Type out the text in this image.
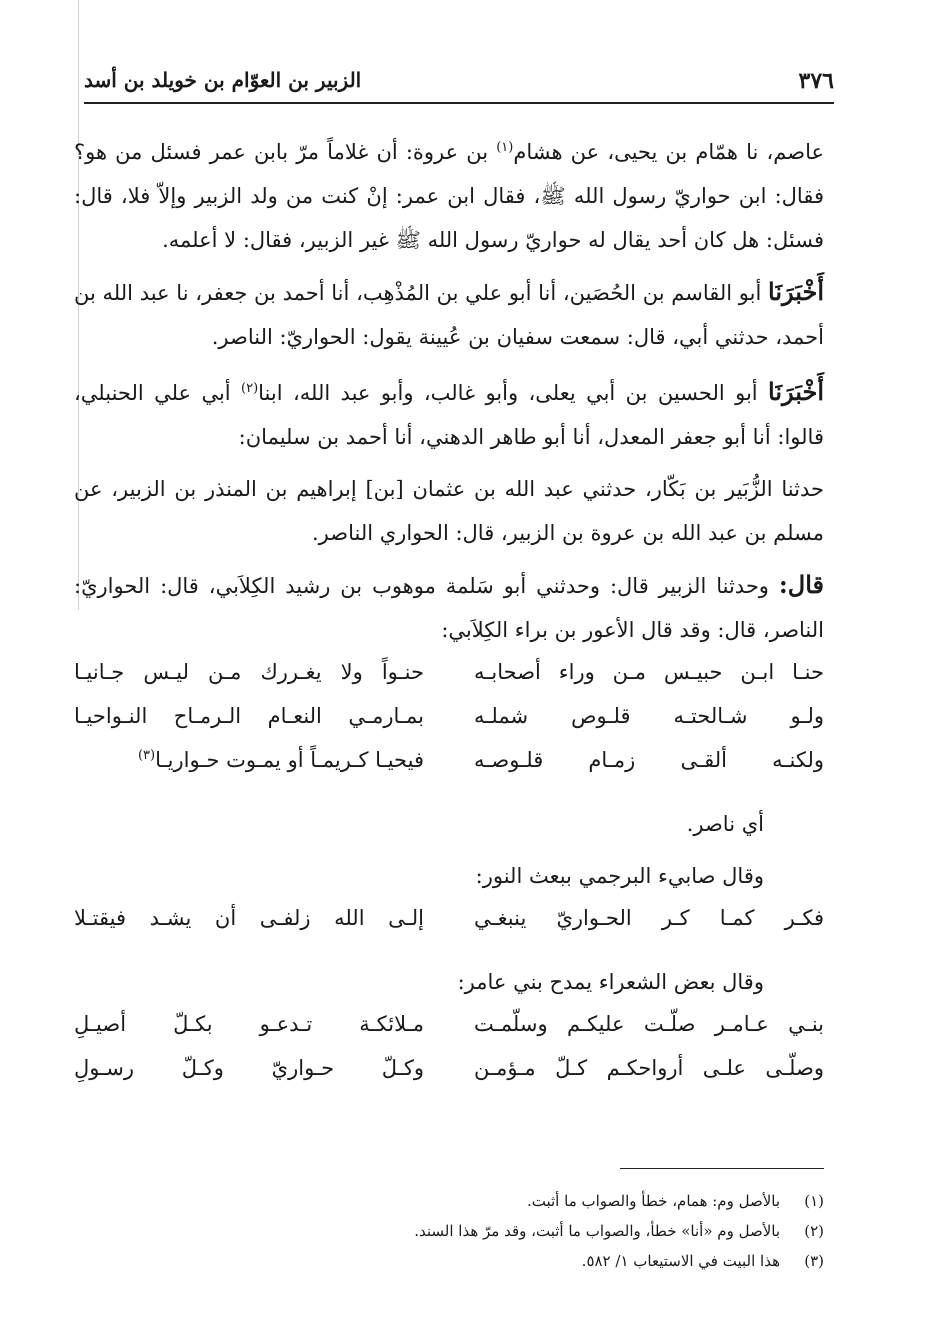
٣٧٦
الزبير بن العوّام بن خويلد بن أسد

عاصم، نا همّام بن يحيى، عن هشام$^{(١)}$ بن عروة: أن غلاماً مرّ بابن عمر فسئل من هو؟ فقال: ابن حواريّ رسول الله ﷺ، فقال ابن عمر: إنْ كنت من ولد الزبير وإلاّ فلا، قال: فسئل: هل كان أحد يقال له حواريّ رسول الله ﷺ غير الزبير، فقال: لا أعلمه.

أَخْبَرَنَا أبو القاسم بن الحُصَين، أنا أبو علي بن المُذْهِب، أنا أحمد بن جعفر، نا عبد الله بن أحمد، حدثني أبي، قال: سمعت سفيان بن عُيينة يقول: الحواريّ: الناصر.

أَخْبَرَنَا أبو الحسين بن أبي يعلى، وأبو غالب، وأبو عبد الله، ابنا$^{(٢)}$ أبي علي الحنبلي، قالوا: أنا أبو جعفر المعدل، أنا أبو طاهر الدهني، أنا أحمد بن سليمان:

حدثنا الزُّبَير بن بَكّار، حدثني عبد الله بن عثمان [بن] إبراهيم بن المنذر بن الزبير، عن مسلم بن عبد الله بن عروة بن الزبير، قال: الحواري الناصر.

قال: وحدثنا الزبير قال: وحدثني أبو سَلمة موهوب بن رشيد الكِلاَبي، قال: الحواريّ: الناصر، قال: وقد قال الأعور بن براء الكِلاَبي:

حنـا ابـن حبيـس مـن وراء أصحابـه
حنـواً ولا يغـررك مـن ليـس جـانيـا
ولـو شـالحتـه قلـوص شملـه
بمـارمـي النعـام الـرمـاح النـواحيـا
ولكنـه ألقـى زمـام قلـوصـه
فيحيـا كـريمـاً أو يمـوت حـواريـا$^{(٣)}$

أي ناصر.

وقال صابيء البرجمي ببعث النور:

فكـر كمـا كـر الحـواريّ ينبغـي
إلـى الله زلفـى أن يشـد فيقتـلا

وقال بعض الشعراء يمدح بني عامر:

بنـي عـامـر صلّـت عليكـم وسلّمـت
مـلائكـة تـدعـو بكـلّ أصيـلِ
وصلّـى علـى أرواحكـم كـلّ مـؤمـن
وكـلّ حـواريّ وكـلّ رسـولِ
(١)
بالأصل وم: همام، خطأ والصواب ما أثبت.
(٢)
بالأصل وم «أنا» خطأ، والصواب ما أثبت، وقد مرّ هذا السند.
(٣)
هذا البيت في الاستيعاب ١/ ٥٨٢.
